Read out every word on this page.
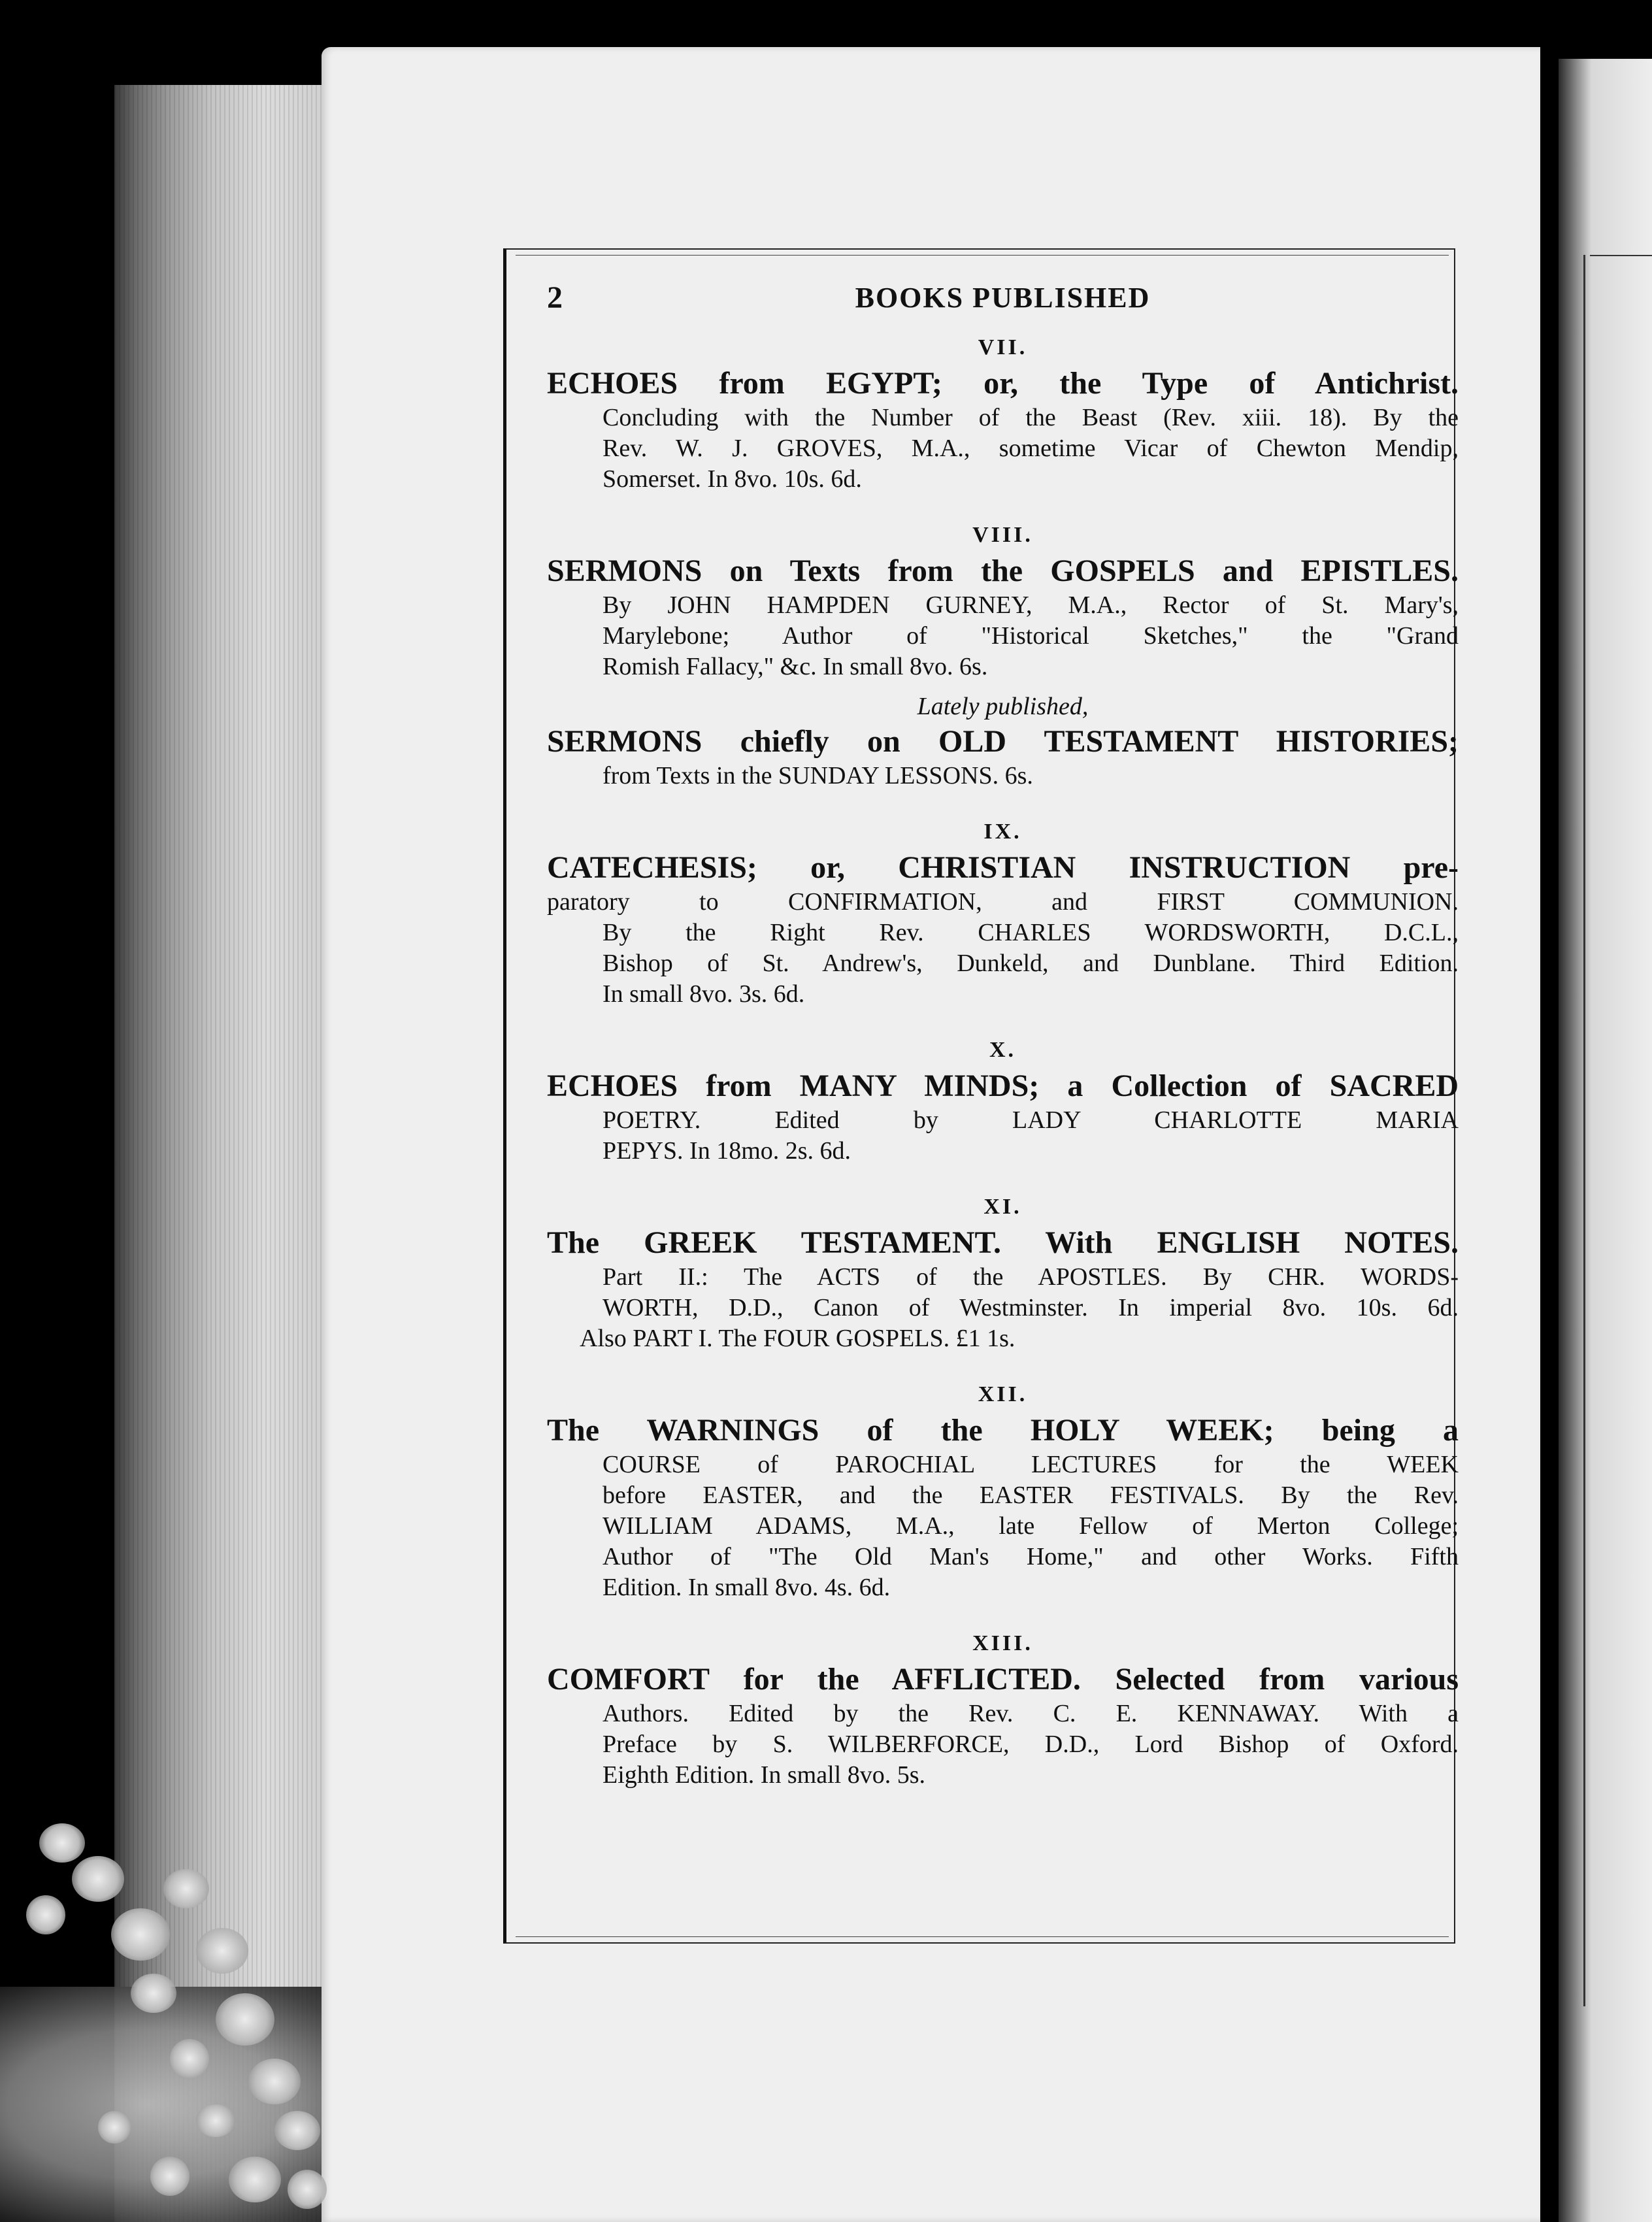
2	BOOKS PUBLISHED
VII.
ECHOES from EGYPT; or, the Type of Antichrist.
Concluding with the Number of the Beast (Rev. xiii. 18). By the
Rev. W. J. GROVES, M.A., sometime Vicar of Chewton Mendip,
Somerset. In 8vo. 10s. 6d.
VIII.
SERMONS on Texts from the GOSPELS and EPISTLES.
By JOHN HAMPDEN GURNEY, M.A., Rector of St. Mary's,
Marylebone; Author of "Historical Sketches," the "Grand
Romish Fallacy," &c. In small 8vo. 6s.
Lately published,
SERMONS chiefly on OLD TESTAMENT HISTORIES;
from Texts in the SUNDAY LESSONS. 6s.
IX.
CATECHESIS; or, CHRISTIAN INSTRUCTION pre-
paratory to CONFIRMATION, and FIRST COMMUNION.
By the Right Rev. CHARLES WORDSWORTH, D.C.L.,
Bishop of St. Andrew's, Dunkeld, and Dunblane. Third Edition.
In small 8vo. 3s. 6d.
X.
ECHOES from MANY MINDS; a Collection of SACRED
POETRY. Edited by LADY CHARLOTTE MARIA
PEPYS. In 18mo. 2s. 6d.
XI.
The GREEK TESTAMENT. With ENGLISH NOTES.
Part II.: The ACTS of the APOSTLES. By CHR. WORDS-
WORTH, D.D., Canon of Westminster. In imperial 8vo. 10s. 6d.
Also PART I. The FOUR GOSPELS. £1 1s.
XII.
The WARNINGS of the HOLY WEEK; being a
COURSE of PAROCHIAL LECTURES for the WEEK
before EASTER, and the EASTER FESTIVALS. By the Rev.
WILLIAM ADAMS, M.A., late Fellow of Merton College;
Author of "The Old Man's Home," and other Works. Fifth
Edition. In small 8vo. 4s. 6d.
XIII.
COMFORT for the AFFLICTED. Selected from various
Authors. Edited by the Rev. C. E. KENNAWAY. With a
Preface by S. WILBERFORCE, D.D., Lord Bishop of Oxford.
Eighth Edition. In small 8vo. 5s.
